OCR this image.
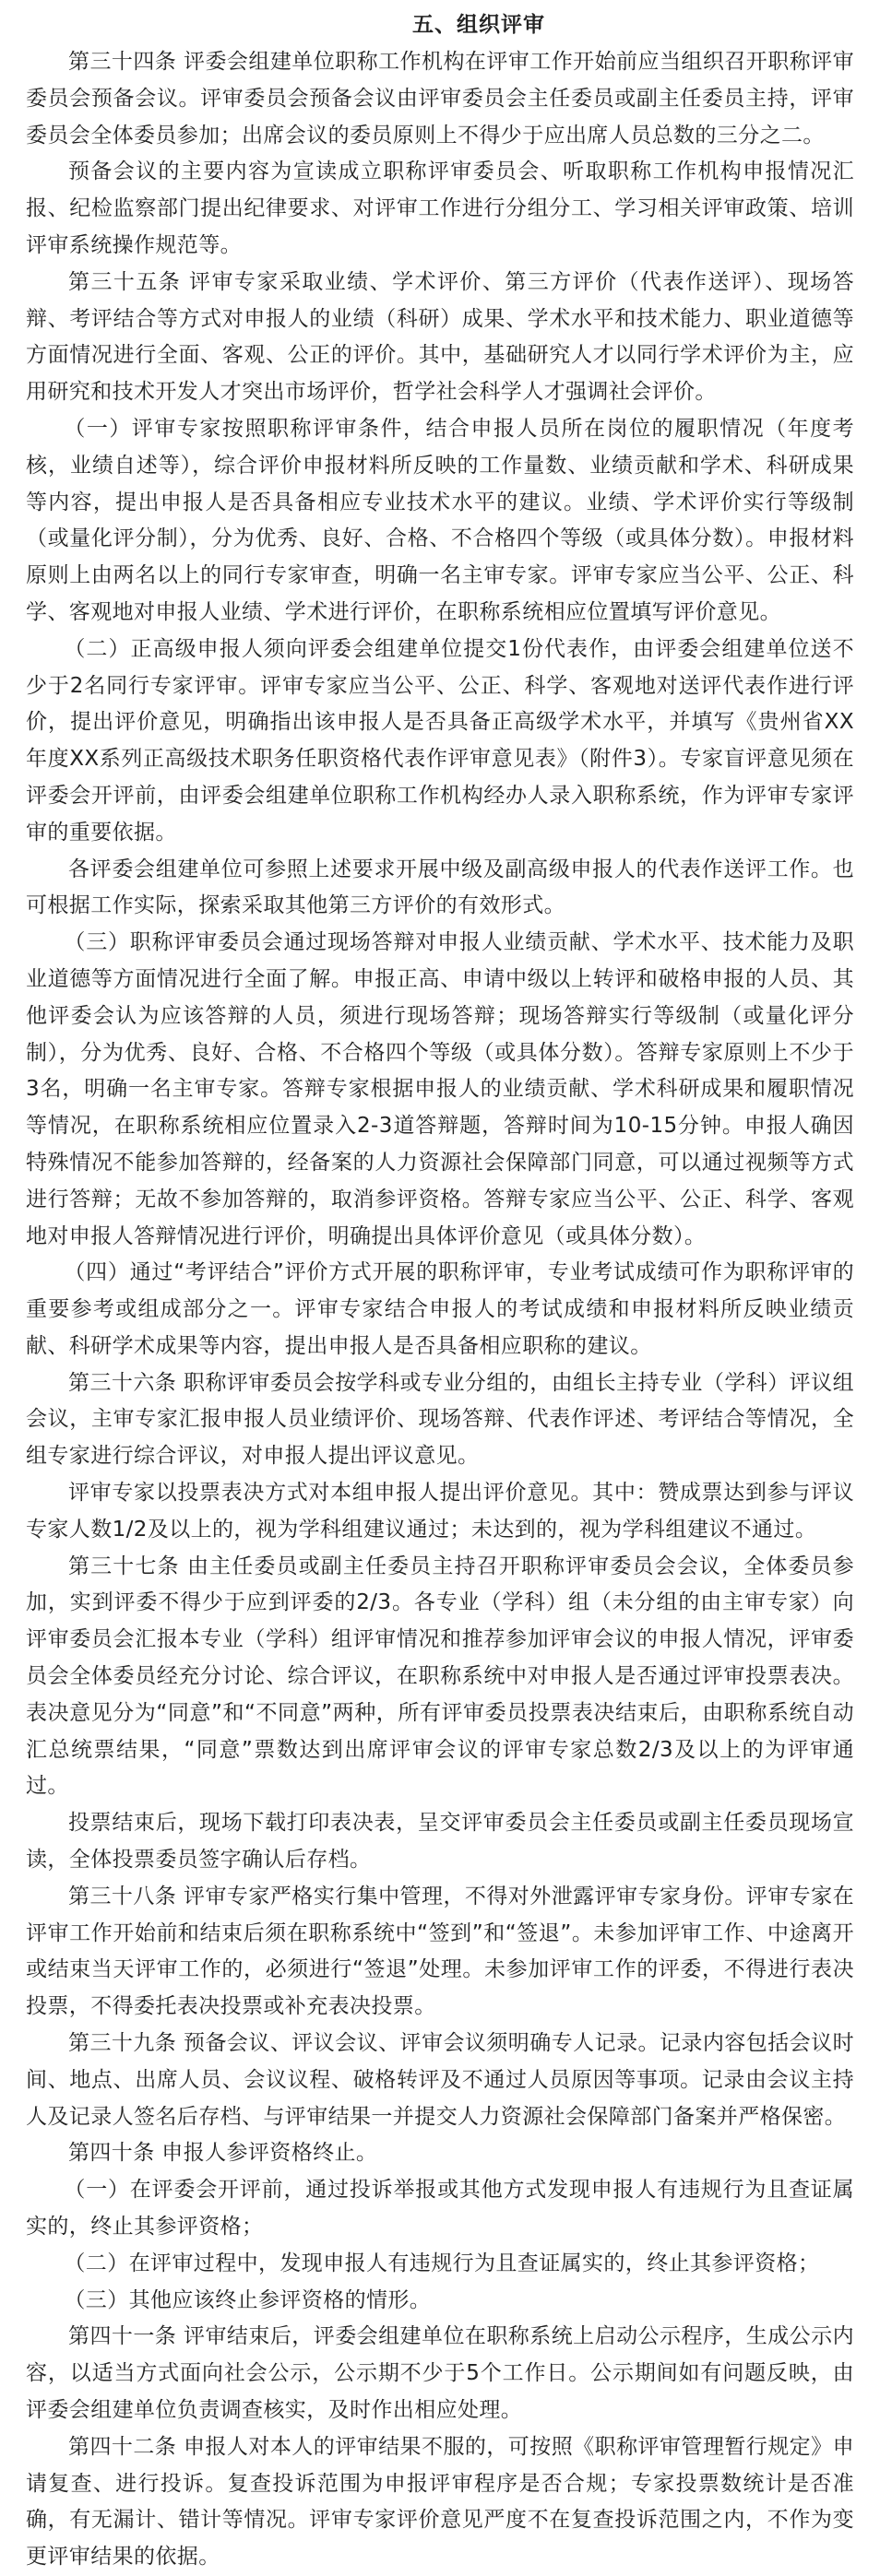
五、组织评审

第三十四条 评委会组建单位职称工作机构在评审工作开始前应当组织召开职称评审委员会预备会议。评审委员会预备会议由评审委员会主任委员或副主任委员主持，评审委员会全体委员参加；出席会议的委员原则上不得少于应出席人员总数的三分之二。

预备会议的主要内容为宣读成立职称评审委员会、听取职称工作机构申报情况汇报、纪检监察部门提出纪律要求、对评审工作进行分组分工、学习相关评审政策、培训评审系统操作规范等。

第三十五条 评审专家采取业绩、学术评价、第三方评价（代表作送评）、现场答辩、考评结合等方式对申报人的业绩（科研）成果、学术水平和技术能力、职业道德等方面情况进行全面、客观、公正的评价。其中，基础研究人才以同行学术评价为主，应用研究和技术开发人才突出市场评价，哲学社会科学人才强调社会评价。

（一）评审专家按照职称评审条件，结合申报人员所在岗位的履职情况（年度考核，业绩自述等），综合评价申报材料所反映的工作量数、业绩贡献和学术、科研成果等内容，提出申报人是否具备相应专业技术水平的建议。业绩、学术评价实行等级制（或量化评分制），分为优秀、良好、合格、不合格四个等级（或具体分数）。申报材料原则上由两名以上的同行专家审查，明确一名主审专家。评审专家应当公平、公正、科学、客观地对申报人业绩、学术进行评价，在职称系统相应位置填写评价意见。

（二）正高级申报人须向评委会组建单位提交1份代表作，由评委会组建单位送不少于2名同行专家评审。评审专家应当公平、公正、科学、客观地对送评代表作进行评价，提出评价意见，明确指出该申报人是否具备正高级学术水平，并填写《贵州省XX年度XX系列正高级技术职务任职资格代表作评审意见表》（附件3）。专家盲评意见须在评委会开评前，由评委会组建单位职称工作机构经办人录入职称系统，作为评审专家评审的重要依据。

各评委会组建单位可参照上述要求开展中级及副高级申报人的代表作送评工作。也可根据工作实际，探索采取其他第三方评价的有效形式。

（三）职称评审委员会通过现场答辩对申报人业绩贡献、学术水平、技术能力及职业道德等方面情况进行全面了解。申报正高、申请中级以上转评和破格申报的人员、其他评委会认为应该答辩的人员，须进行现场答辩；现场答辩实行等级制（或量化评分制），分为优秀、良好、合格、不合格四个等级（或具体分数）。答辩专家原则上不少于3名，明确一名主审专家。答辩专家根据申报人的业绩贡献、学术科研成果和履职情况等情况，在职称系统相应位置录入2-3道答辩题，答辩时间为10-15分钟。申报人确因特殊情况不能参加答辩的，经备案的人力资源社会保障部门同意，可以通过视频等方式进行答辩；无故不参加答辩的，取消参评资格。答辩专家应当公平、公正、科学、客观地对申报人答辩情况进行评价，明确提出具体评价意见（或具体分数）。

（四）通过“考评结合”评价方式开展的职称评审，专业考试成绩可作为职称评审的重要参考或组成部分之一。评审专家结合申报人的考试成绩和申报材料所反映业绩贡献、科研学术成果等内容，提出申报人是否具备相应职称的建议。

第三十六条 职称评审委员会按学科或专业分组的，由组长主持专业（学科）评议组会议，主审专家汇报申报人员业绩评价、现场答辩、代表作评述、考评结合等情况，全组专家进行综合评议，对申报人提出评议意见。

评审专家以投票表决方式对本组申报人提出评价意见。其中：赞成票达到参与评议专家人数1/2及以上的，视为学科组建议通过；未达到的，视为学科组建议不通过。

第三十七条 由主任委员或副主任委员主持召开职称评审委员会会议，全体委员参加，实到评委不得少于应到评委的2/3。各专业（学科）组（未分组的由主审专家）向评审委员会汇报本专业（学科）组评审情况和推荐参加评审会议的申报人情况，评审委员会全体委员经充分讨论、综合评议，在职称系统中对申报人是否通过评审投票表决。表决意见分为“同意”和“不同意”两种，所有评审委员投票表决结束后，由职称系统自动汇总统票结果，“同意”票数达到出席评审会议的评审专家总数2/3及以上的为评审通过。

投票结束后，现场下载打印表决表，呈交评审委员会主任委员或副主任委员现场宣读，全体投票委员签字确认后存档。

第三十八条 评审专家严格实行集中管理，不得对外泄露评审专家身份。评审专家在评审工作开始前和结束后须在职称系统中“签到”和“签退”。未参加评审工作、中途离开或结束当天评审工作的，必须进行“签退”处理。未参加评审工作的评委，不得进行表决投票，不得委托表决投票或补充表决投票。

第三十九条 预备会议、评议会议、评审会议须明确专人记录。记录内容包括会议时间、地点、出席人员、会议议程、破格转评及不通过人员原因等事项。记录由会议主持人及记录人签名后存档、与评审结果一并提交人力资源社会保障部门备案并严格保密。

第四十条 申报人参评资格终止。

（一）在评委会开评前，通过投诉举报或其他方式发现申报人有违规行为且查证属实的，终止其参评资格；

（二）在评审过程中，发现申报人有违规行为且查证属实的，终止其参评资格；

（三）其他应该终止参评资格的情形。

第四十一条 评审结束后，评委会组建单位在职称系统上启动公示程序，生成公示内容，以适当方式面向社会公示，公示期不少于5个工作日。公示期间如有问题反映，由评委会组建单位负责调查核实，及时作出相应处理。

第四十二条 申报人对本人的评审结果不服的，可按照《职称评审管理暂行规定》申请复查、进行投诉。复查投诉范围为申报评审程序是否合规；专家投票数统计是否准确，有无漏计、错计等情况。评审专家评价意见严度不在复查投诉范围之内，不作为变更评审结果的依据。
